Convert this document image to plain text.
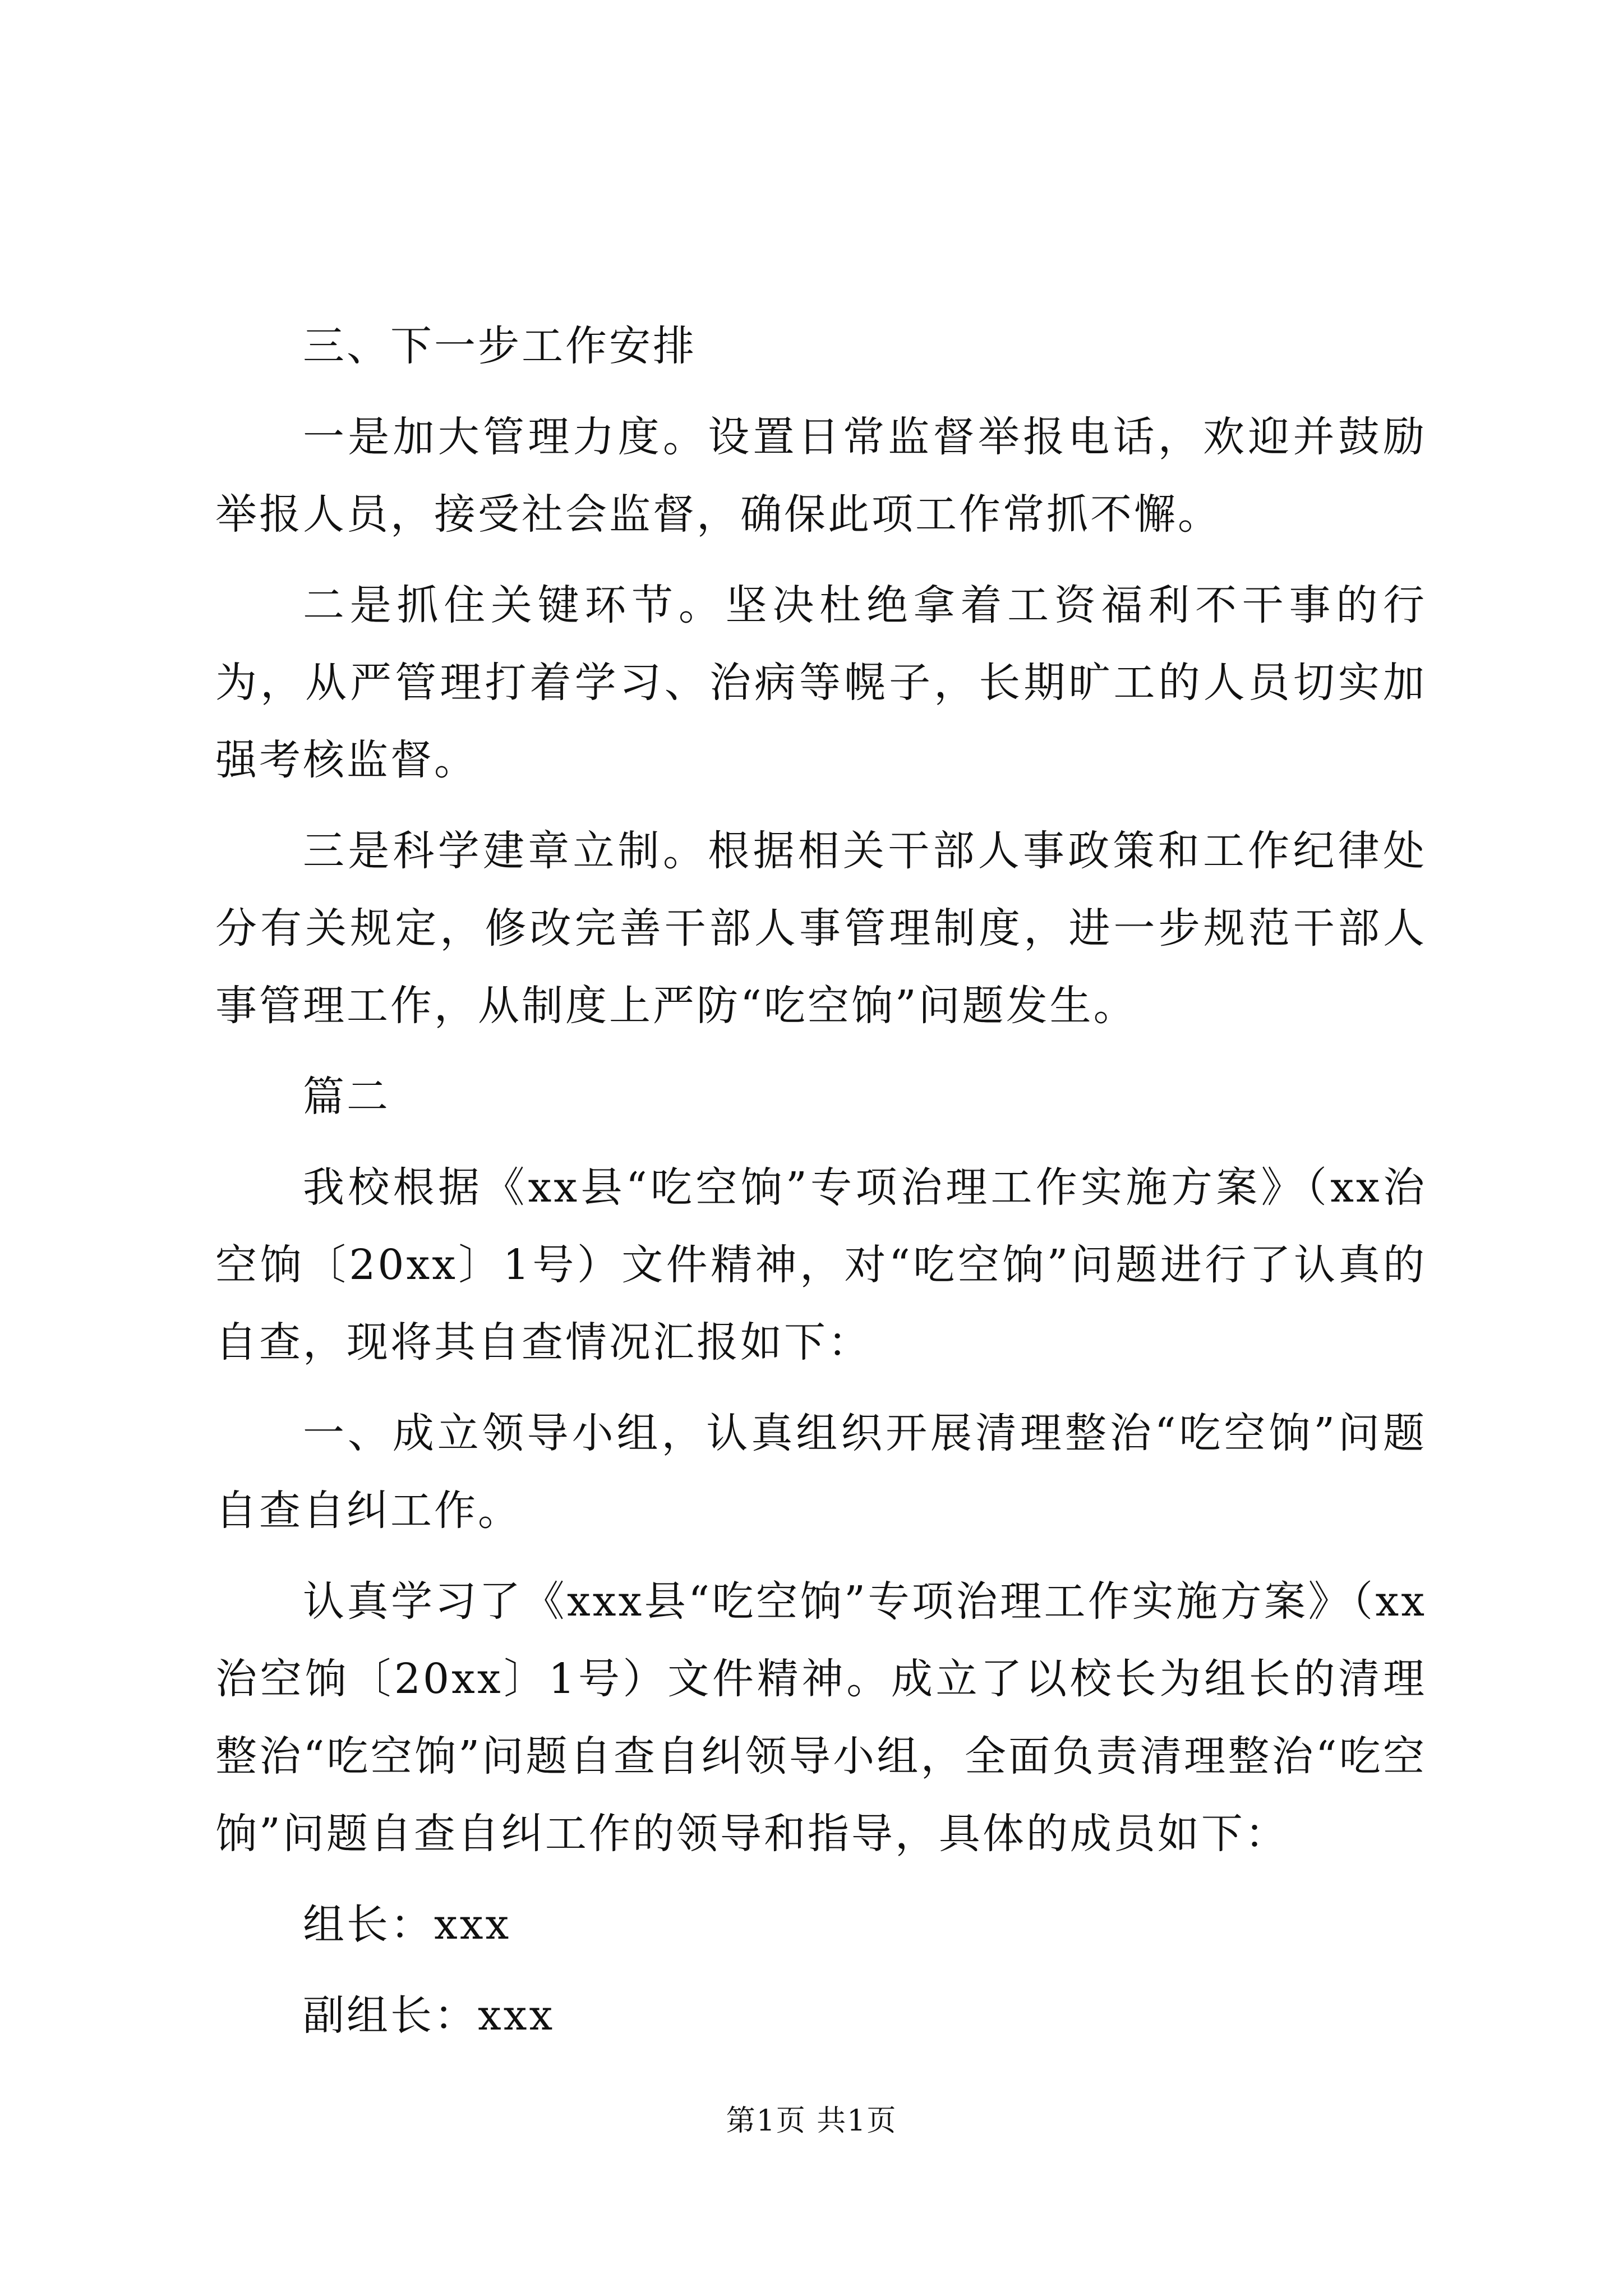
三、下一步工作安排

一是加大管理力度。设置日常监督举报电话，欢迎并鼓励举报人员，接受社会监督，确保此项工作常抓不懈。

二是抓住关键环节。坚决杜绝拿着工资福利不干事的行为，从严管理打着学习、治病等幌子，长期旷工的人员切实加强考核监督。

三是科学建章立制。根据相关干部人事政策和工作纪律处分有关规定，修改完善干部人事管理制度，进一步规范干部人事管理工作，从制度上严防“吃空饷”问题发生。

篇二

我校根据《xx县“吃空饷”专项治理工作实施方案》（xx治空饷〔20xx〕1号）文件精神，对“吃空饷”问题进行了认真的自查，现将其自查情况汇报如下：

一、成立领导小组，认真组织开展清理整治“吃空饷”问题自查自纠工作。

认真学习了《xxx县“吃空饷”专项治理工作实施方案》（xx治空饷〔20xx〕1号）文件精神。成立了以校长为组长的清理整治“吃空饷”问题自查自纠领导小组，全面负责清理整治“吃空饷”问题自查自纠工作的领导和指导，具体的成员如下：

组长：xxx

副组长：xxx

第1页 共1页
